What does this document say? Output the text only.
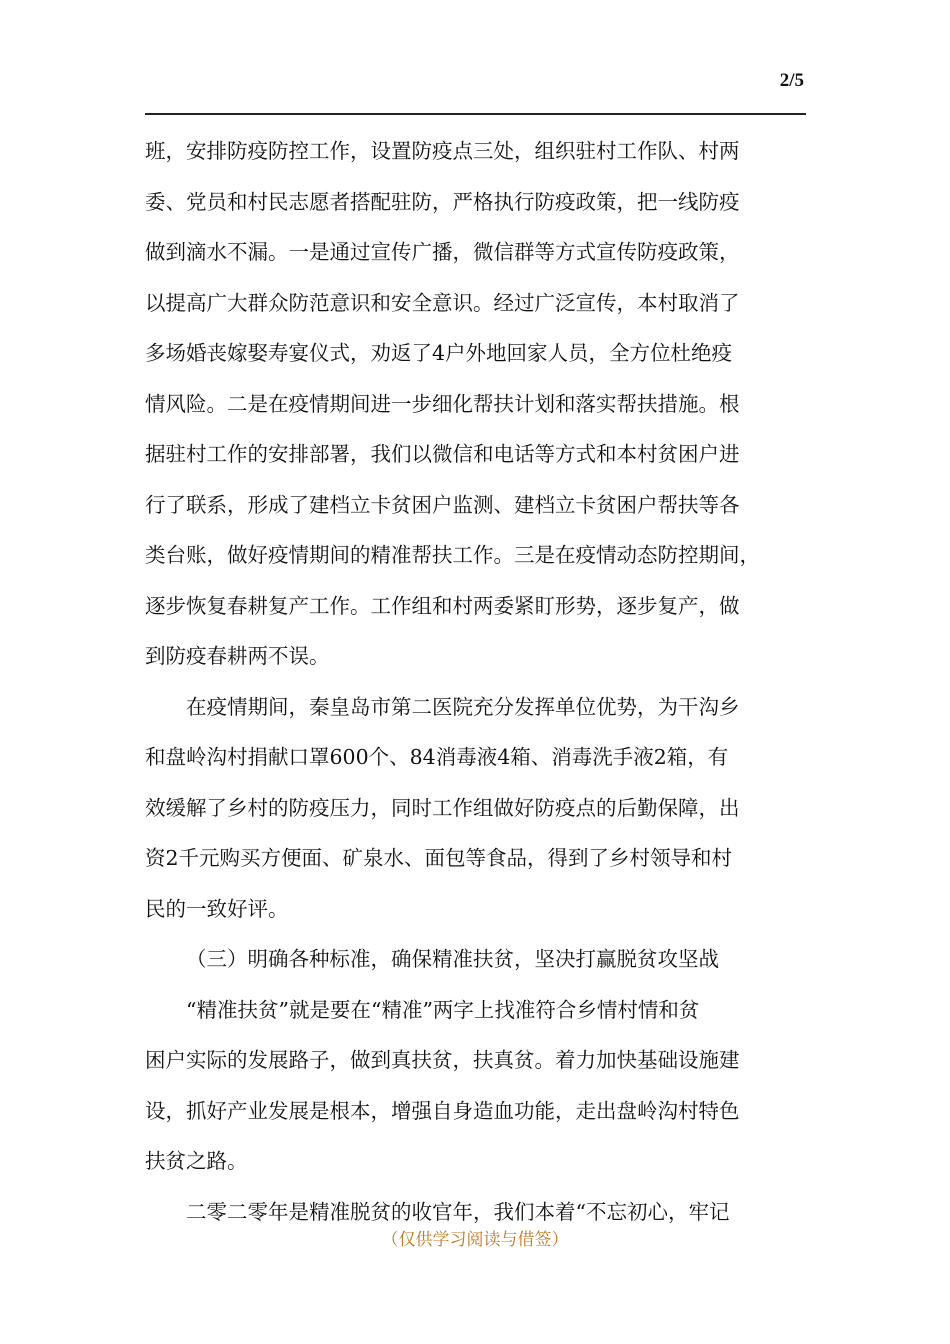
2/5
班，安排防疫防控工作，设置防疫点三处，组织驻村工作队、村两
委、党员和村民志愿者搭配驻防，严格执行防疫政策，把一线防疫
做到滴水不漏。一是通过宣传广播，微信群等方式宣传防疫政策，
以提高广大群众防范意识和安全意识。经过广泛宣传，本村取消了
多场婚丧嫁娶寿宴仪式，劝返了4户外地回家人员，全方位杜绝疫
情风险。二是在疫情期间进一步细化帮扶计划和落实帮扶措施。根
据驻村工作的安排部署，我们以微信和电话等方式和本村贫困户进
行了联系，形成了建档立卡贫困户监测、建档立卡贫困户帮扶等各
类台账，做好疫情期间的精准帮扶工作。三是在疫情动态防控期间，
逐步恢复春耕复产工作。工作组和村两委紧盯形势，逐步复产，做
到防疫春耕两不误。
在疫情期间，秦皇岛市第二医院充分发挥单位优势，为干沟乡
和盘岭沟村捐献口罩600个、84消毒液4箱、消毒洗手液2箱，有
效缓解了乡村的防疫压力，同时工作组做好防疫点的后勤保障，出
资2千元购买方便面、矿泉水、面包等食品，得到了乡村领导和村
民的一致好评。
（三）明确各种标准，确保精准扶贫，坚决打赢脱贫攻坚战
“精准扶贫”就是要在“精准”两字上找准符合乡情村情和贫
困户实际的发展路子，做到真扶贫，扶真贫。着力加快基础设施建
设，抓好产业发展是根本，增强自身造血功能，走出盘岭沟村特色
扶贫之路。
二零二零年是精准脱贫的收官年，我们本着“不忘初心，牢记
（仅供学习阅读与借签）
